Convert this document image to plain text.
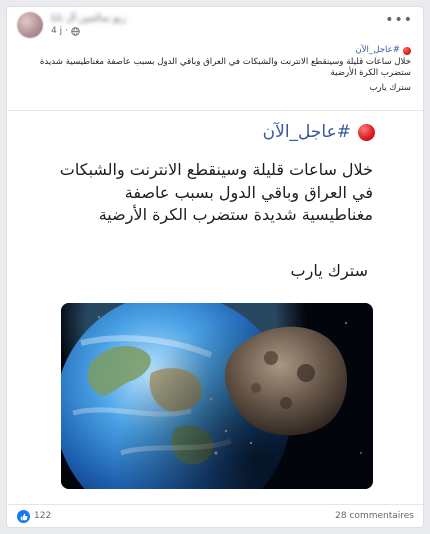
ريو سالمين آل ثانا
4 j ·
•••
#عاجل_الآن
خلال ساعات قليلة وسينقطع الانترنت والشبكات في العراق وباقي الدول بسبب عاصفة مغناطيسية شديدة
ستضرب الكرة الأرضية
سترك يارب
#عاجل_الآن
خلال ساعات قليلة وسينقطع الانترنت والشبكات
في العراق وباقي الدول بسبب عاصفة
مغناطيسية شديدة ستضرب الكرة الأرضية
سترك يارب
122	28 commentaires
